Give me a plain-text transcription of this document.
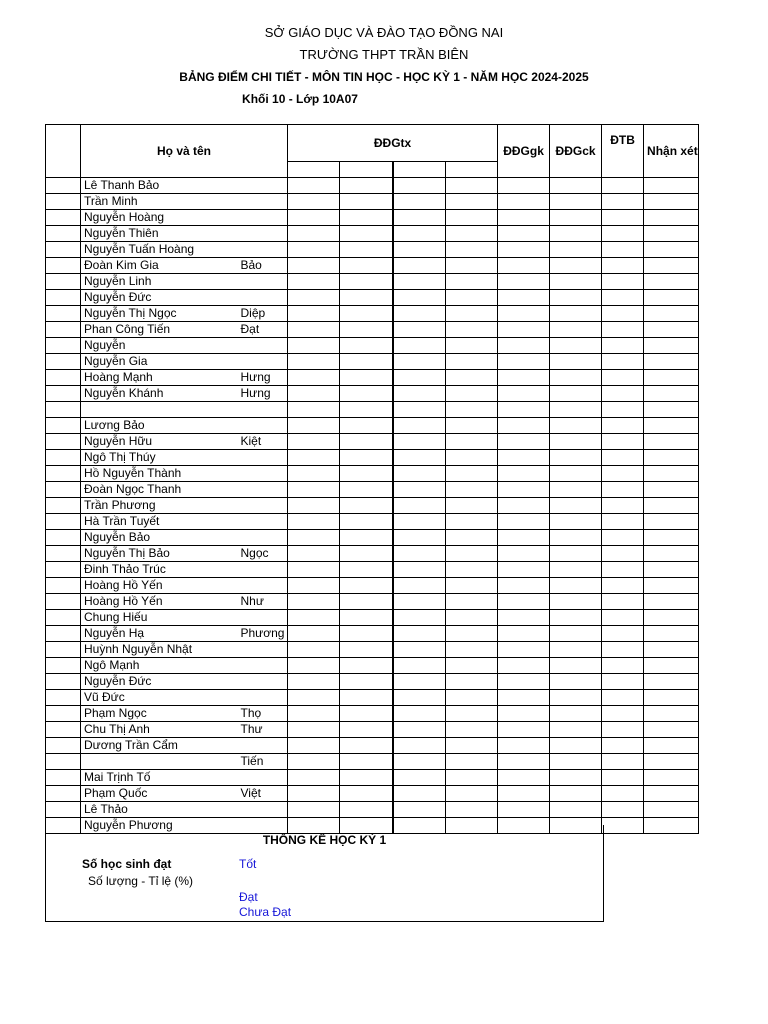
SỞ GIÁO DỤC VÀ ĐÀO TẠO ĐỒNG NAI
TRƯỜNG THPT TRẦN BIÊN
BẢNG ĐIỂM CHI TIẾT - MÔN TIN HỌC - HỌC KỲ 1 - NĂM HỌC 2024-2025
Khối 10 - Lớp 10A07
	Họ và tên		ĐĐGtx				ĐĐGgk	ĐĐGck	ĐTB	Nhận xét

	Lê Thanh Bảo									
	Trần Minh									
	Nguyễn Hoàng									
	Nguyễn Thiên									
	Nguyễn Tuấn Hoàng									
	Đoàn Kim Gia	Bảo								
	Nguyễn Linh									
	Nguyễn Đức									
	Nguyễn Thị Ngọc	Diệp								
	Phan Công Tiến	Đạt								
	Nguyễn									
	Nguyễn Gia									
	Hoàng Mạnh	Hưng								
	Nguyễn Khánh	Hưng								

	Lương Bảo									
	Nguyễn Hữu	Kiệt								
	Ngô Thị Thúy									
	Hồ Nguyễn Thành									
	Đoàn Ngọc Thanh									
	Trần Phương									
	Hà Trần Tuyết									
	Nguyễn Bảo									
	Nguyễn Thị Bảo	Ngọc								
	Đinh Thảo Trúc									
	Hoàng Hồ Yến									
	Hoàng Hồ Yến	Như								
	Chung Hiếu									
	Nguyễn Hạ	Phương								
	Huỳnh Nguyễn Nhật									
	Ngô Mạnh									
	Nguyễn Đức									
	Vũ Đức									
	Phạm Ngọc	Thọ								
	Chu Thị Anh	Thư								
	Dương Trần Cẩm									
		Tiến								
	Mai Trịnh Tố									
	Phạm Quốc	Việt								
	Lê Thảo									
	Nguyễn Phương									
THỐNG KÊ HỌC KỲ 1
Số học sinh đạt
Số lượng - Tỉ lệ (%)
Tốt
Đạt
Chưa Đạt
